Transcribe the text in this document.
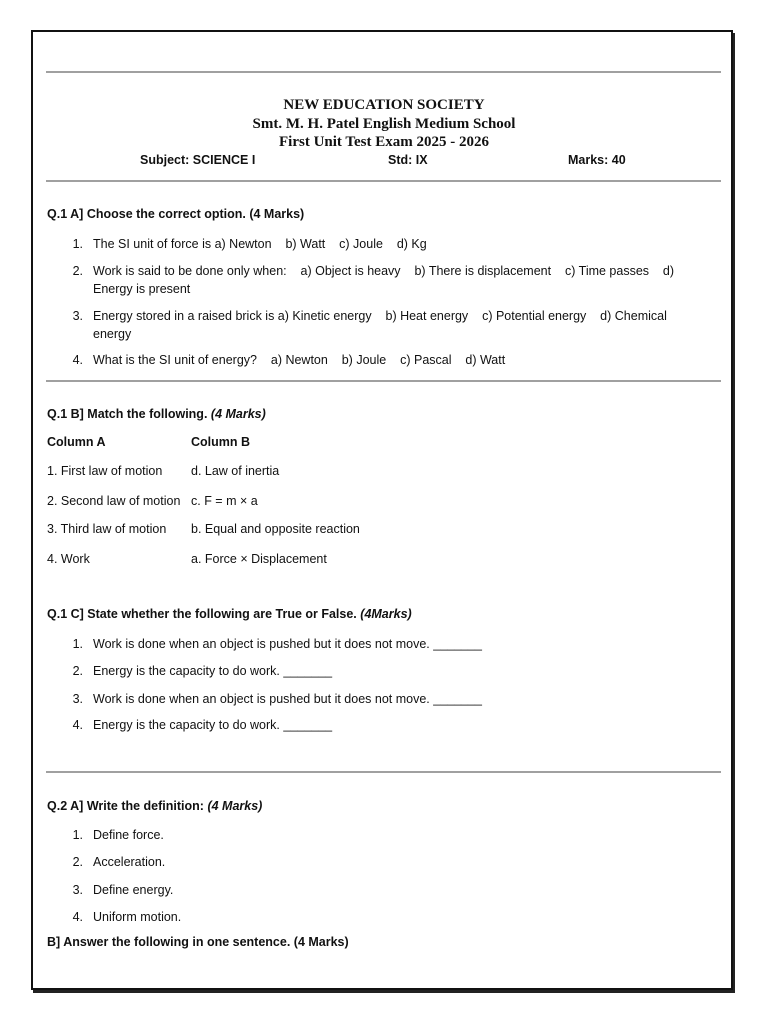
NEW EDUCATION SOCIETY
Smt. M. H. Patel English Medium School
First Unit Test Exam 2025 - 2026
Subject: SCIENCE I	Std: IX	Marks: 40
Q.1 A] Choose the correct option. (4 Marks)
1. The SI unit of force is a) Newton    b) Watt    c) Joule    d) Kg
2. Work is said to be done only when:    a) Object is heavy    b) There is displacement    c) Time passes    d) Energy is present
3. Energy stored in a raised brick is a) Kinetic energy    b) Heat energy    c) Potential energy    d) Chemical energy
4. What is the SI unit of energy?    a) Newton    b) Joule    c) Pascal    d) Watt
Q.1 B] Match the following. (4 Marks)
Column A	Column B
1. First law of motion d. Law of inertia
2. Second law of motion c. F = m × a
3. Third law of motion b. Equal and opposite reaction
4. Work	a. Force × Displacement
Q.1 C] State whether the following are True or False. (4Marks)
1. Work is done when an object is pushed but it does not move. _______
2. Energy is the capacity to do work. _______
3. Work is done when an object is pushed but it does not move. _______
4. Energy is the capacity to do work. _______
Q.2 A] Write the definition: (4 Marks)
1. Define force.
2. Acceleration.
3. Define energy.
4. Uniform motion.
B] Answer the following in one sentence. (4 Marks)
